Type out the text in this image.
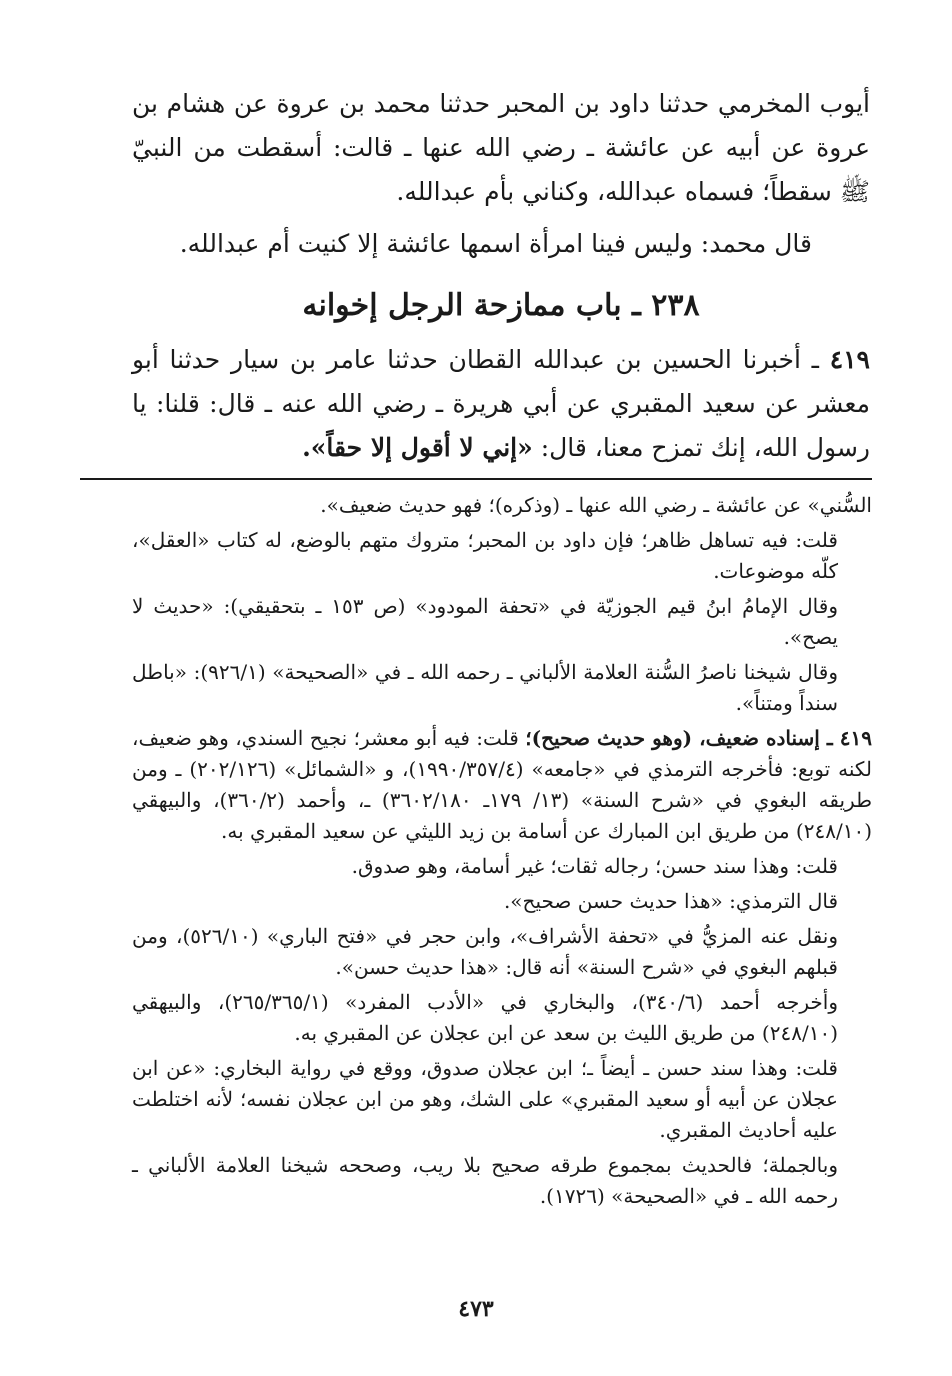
أيوب المخرمي حدثنا داود بن المحبر حدثنا محمد بن عروة عن هشام بن عروة عن أبيه عن عائشة ـ رضي الله عنها ـ قالت: أسقطت من النبيّ ﷺ سقطاً؛ فسماه عبدالله، وكناني بأم عبدالله.

قال محمد: وليس فينا امرأة اسمها عائشة إلا كنيت أم عبدالله.

٢٣٨ ـ باب ممازحة الرجل إخوانه

٤١٩ ـ أخبرنا الحسين بن عبدالله القطان حدثنا عامر بن سيار حدثنا أبو معشر عن سعيد المقبري عن أبي هريرة ـ رضي الله عنه ـ قال: قلنا: يا رسول الله، إنك تمزح معنا، قال: «إني لا أقول إلا حقاً».

السُّني» عن عائشة ـ رضي الله عنها ـ (وذكره)؛ فهو حديث ضعيف».

قلت: فيه تساهل ظاهر؛ فإن داود بن المحبر؛ متروك متهم بالوضع، له كتاب «العقل»، كلّه موضوعات.

وقال الإمامُ ابنُ قيم الجوزيّة في «تحفة المودود» (ص ١٥٣ ـ بتحقيقي): «حديث لا يصح».

وقال شيخنا ناصرُ السُّنة العلامة الألباني ـ رحمه الله ـ في «الصحيحة» (٩٢٦/١): «باطل سنداً ومتناً».

٤١٩ ـ إسناده ضعيف، (وهو حديث صحيح)؛ قلت: فيه أبو معشر؛ نجيح السندي، وهو ضعيف، لكنه توبع: فأخرجه الترمذي في «جامعه» (١٩٩٠/٣٥٧/٤)، و «الشمائل» (٢٠٢/١٢٦) ـ ومن طريقه البغوي في «شرح السنة» (١٣/ ١٧٩ـ ٣٦٠٢/١٨٠) ـ، وأحمد (٣٦٠/٢)، والبيهقي (٢٤٨/١٠) من طريق ابن المبارك عن أسامة بن زيد الليثي عن سعيد المقبري به.

قلت: وهذا سند حسن؛ رجاله ثقات؛ غير أسامة، وهو صدوق.

قال الترمذي: «هذا حديث حسن صحيح».

ونقل عنه المزيُّ في «تحفة الأشراف»، وابن حجر في «فتح الباري» (٥٢٦/١٠)، ومن قبلهم البغوي في «شرح السنة» أنه قال: «هذا حديث حسن».

وأخرجه أحمد (٣٤٠/٦)، والبخاري في «الأدب المفرد» (٢٦٥/٣٦٥/١)، والبيهقي (٢٤٨/١٠) من طريق الليث بن سعد عن ابن عجلان عن المقبري به.

قلت: وهذا سند حسن ـ أيضاً ـ؛ ابن عجلان صدوق، ووقع في رواية البخاري: «عن ابن عجلان عن أبيه أو سعيد المقبري» على الشك، وهو من ابن عجلان نفسه؛ لأنه اختلطت عليه أحاديث المقبري.

وبالجملة؛ فالحديث بمجموع طرقه صحيح بلا ريب، وصححه شيخنا العلامة الألباني ـ رحمه الله ـ في «الصحيحة» (١٧٢٦).

٤٧٣
